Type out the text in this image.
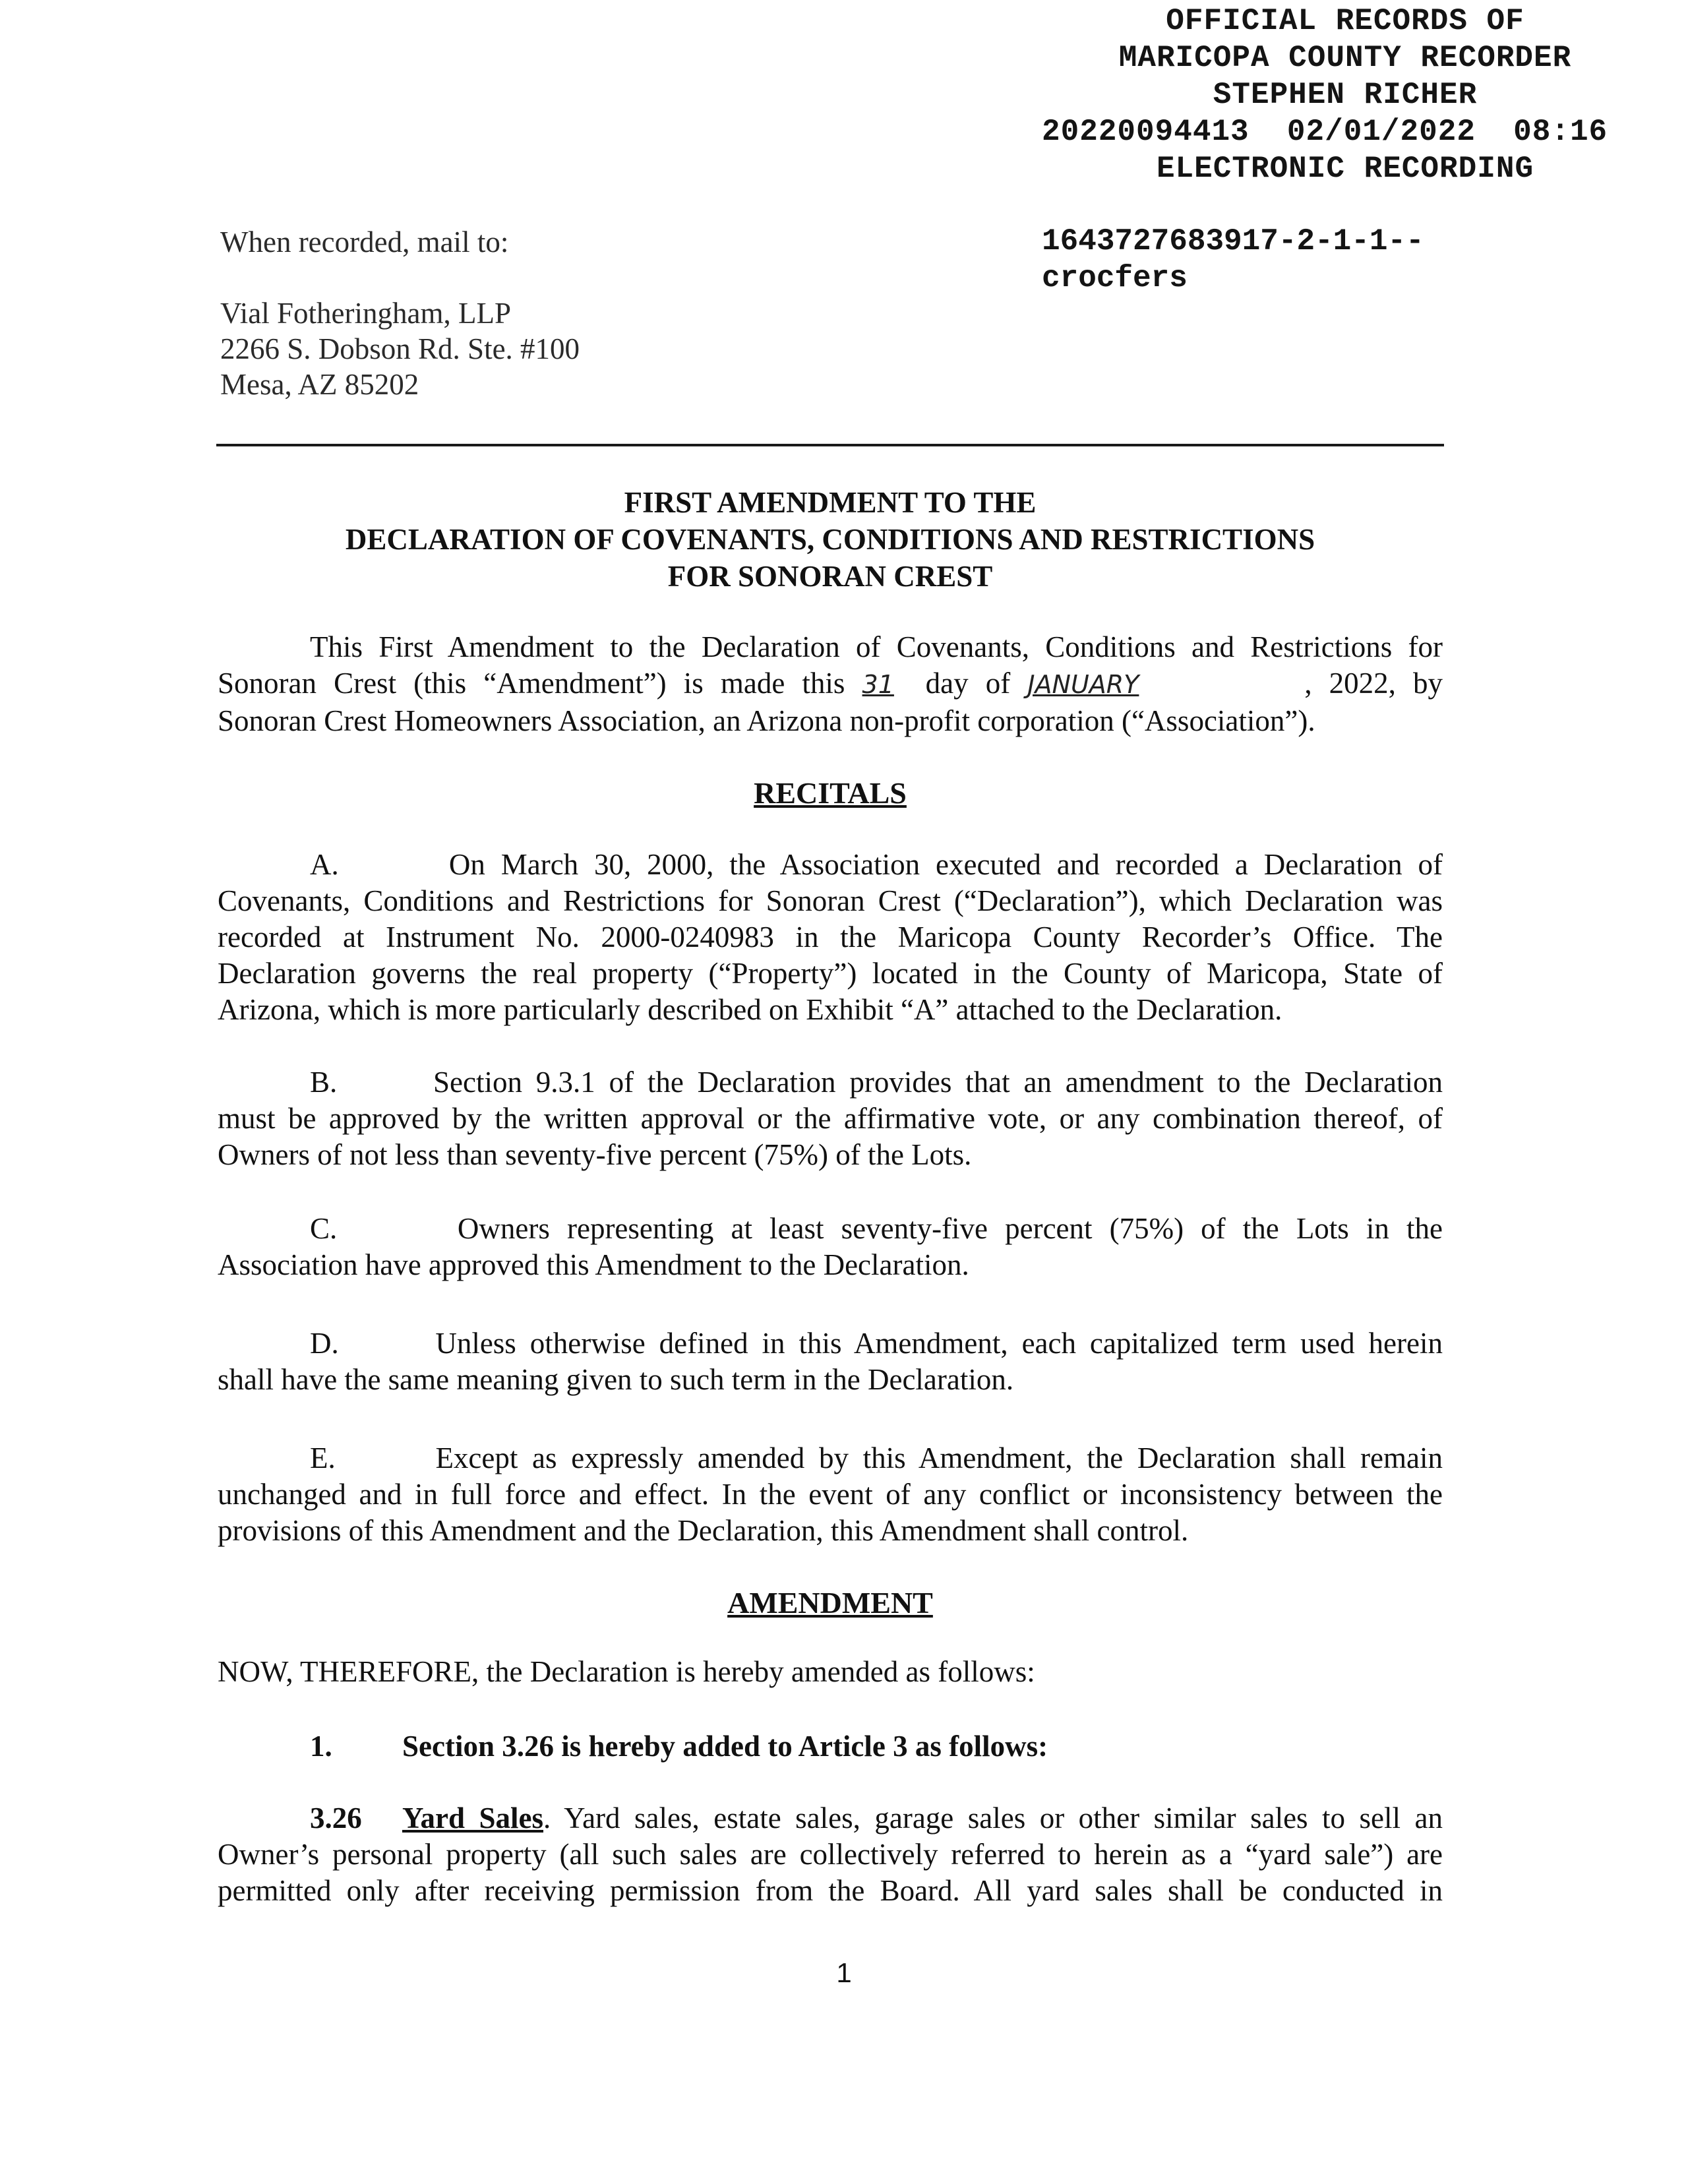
OFFICIAL RECORDS OF
MARICOPA COUNTY RECORDER
STEPHEN RICHER
20220094413 02/01/2022 08:16
ELECTRONIC RECORDING
1643727683917-2-1-1--
crocfers
When recorded, mail to:
Vial Fotheringham, LLP
2266 S. Dobson Rd. Ste. #100
Mesa, AZ 85202
FIRST AMENDMENT TO THE
DECLARATION OF COVENANTS, CONDITIONS AND RESTRICTIONS
FOR SONORAN CREST
This First Amendment to the Declaration of Covenants, Conditions and Restrictions for
Sonoran Crest (this “Amendment”) is made this 31 day of JANUARY	, 2022, by
Sonoran Crest Homeowners Association, an Arizona non-profit corporation (“Association”).
RECITALS
A.       On March 30, 2000, the Association executed and recorded a Declaration of
Covenants, Conditions and Restrictions for Sonoran Crest (“Declaration”), which Declaration was
recorded at Instrument No. 2000-0240983 in the Maricopa County Recorder’s Office. The
Declaration governs the real property (“Property”) located in the County of Maricopa, State of
Arizona, which is more particularly described on Exhibit “A” attached to the Declaration.
B.       Section 9.3.1 of the Declaration provides that an amendment to the Declaration
must be approved by the written approval or the affirmative vote, or any combination thereof, of
Owners of not less than seventy-five percent (75%) of the Lots.
C.       Owners representing at least seventy-five percent (75%) of the Lots in the
Association have approved this Amendment to the Declaration.
D.       Unless otherwise defined in this Amendment, each capitalized term used herein
shall have the same meaning given to such term in the Declaration.
E.       Except as expressly amended by this Amendment, the Declaration shall remain
unchanged and in full force and effect. In the event of any conflict or inconsistency between the
provisions of this Amendment and the Declaration, this Amendment shall control.
AMENDMENT
NOW, THEREFORE, the Declaration is hereby amended as follows:
1. Section 3.26 is hereby added to Article 3 as follows:
3.26 Yard Sales. Yard sales, estate sales, garage sales or other similar sales to sell an
Owner’s personal property (all such sales are collectively referred to herein as a “yard sale”) are
permitted only after receiving permission from the Board. All yard sales shall be conducted in
1
